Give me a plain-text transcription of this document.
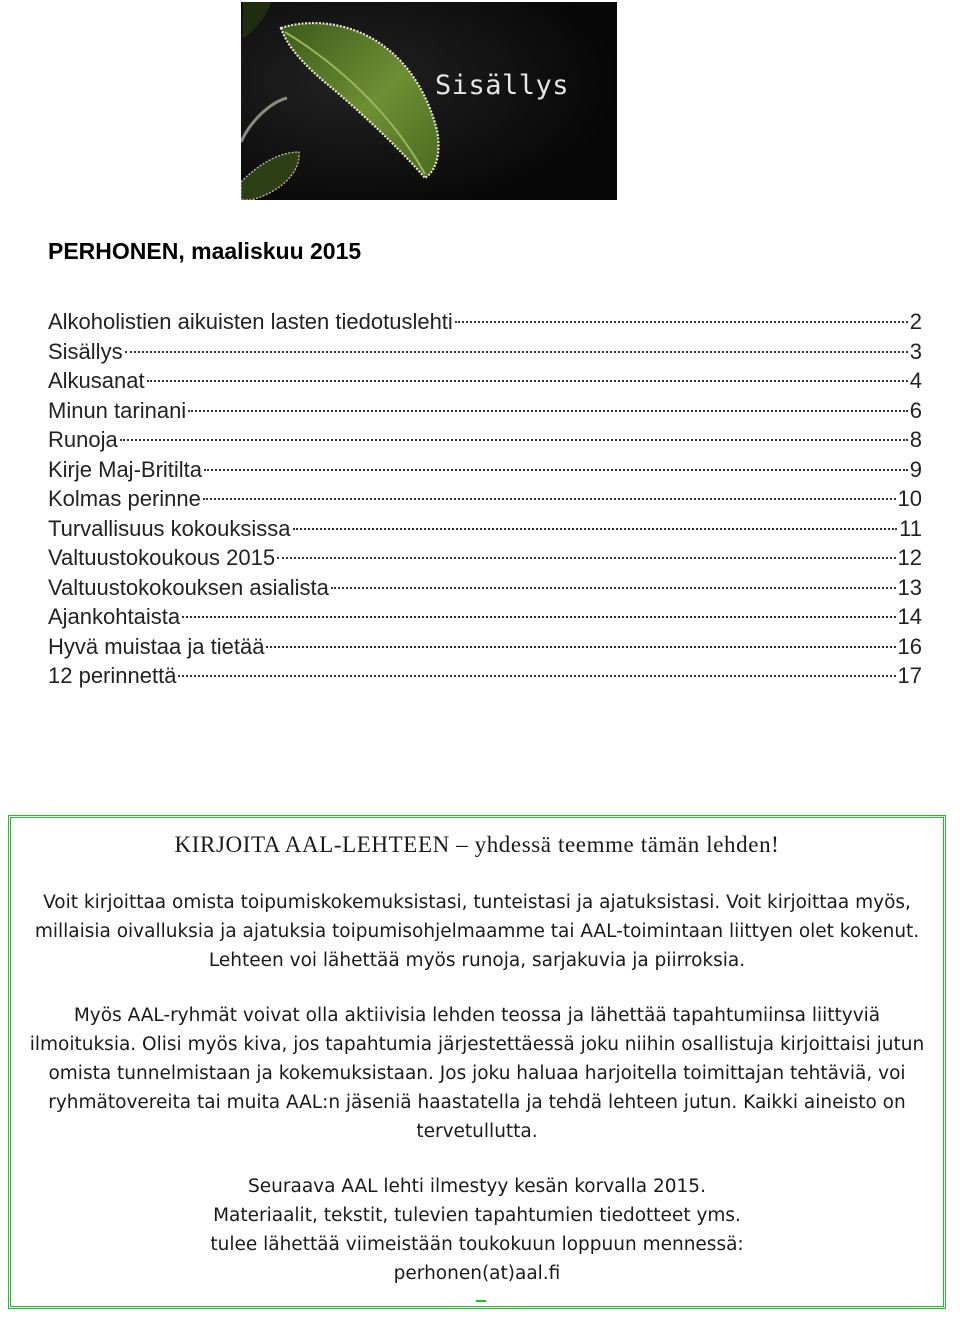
Sisällys
PERHONEN, maaliskuu 2015
Alkoholistien aikuisten lasten tiedotuslehti	2
Sisällys	3
Alkusanat	4
Minun tarinani	6
Runoja	8
Kirje Maj-Britilta	9
Kolmas perinne	10
Turvallisuus kokouksissa	11
Valtuustokoukous 2015	12
Valtuustokokouksen asialista	13
Ajankohtaista	14
Hyvä muistaa ja tietää	16
12 perinnettä	17
KIRJOITA AAL-LEHTEEN – yhdessä teemme tämän lehden!

Voit kirjoittaa omista toipumiskokemuksistasi, tunteistasi ja ajatuksistasi. Voit kirjoittaa myös, millaisia oivalluksia ja ajatuksia toipumisohjelmaamme tai AAL-toimintaan liittyen olet kokenut. Lehteen voi lähettää myös runoja, sarjakuvia ja piirroksia.

Myös AAL-ryhmät voivat olla aktiivisia lehden teossa ja lähettää tapahtumiinsa liittyviä ilmoituksia. Olisi myös kiva, jos tapahtumia järjestettäessä joku niihin osallistuja kirjoittaisi jutun omista tunnelmistaan ja kokemuksistaan. Jos joku haluaa harjoitella toimittajan tehtäviä, voi ryhmätovereita tai muita AAL:n jäseniä haastatella ja tehdä lehteen jutun. Kaikki aineisto on tervetullutta.

Seuraava AAL lehti ilmestyy kesän korvalla 2015.

Materiaalit, tekstit, tulevien tapahtumien tiedotteet yms.

tulee lähettää viimeistään toukokuun loppuun mennessä:

perhonen(at)aal.fi
